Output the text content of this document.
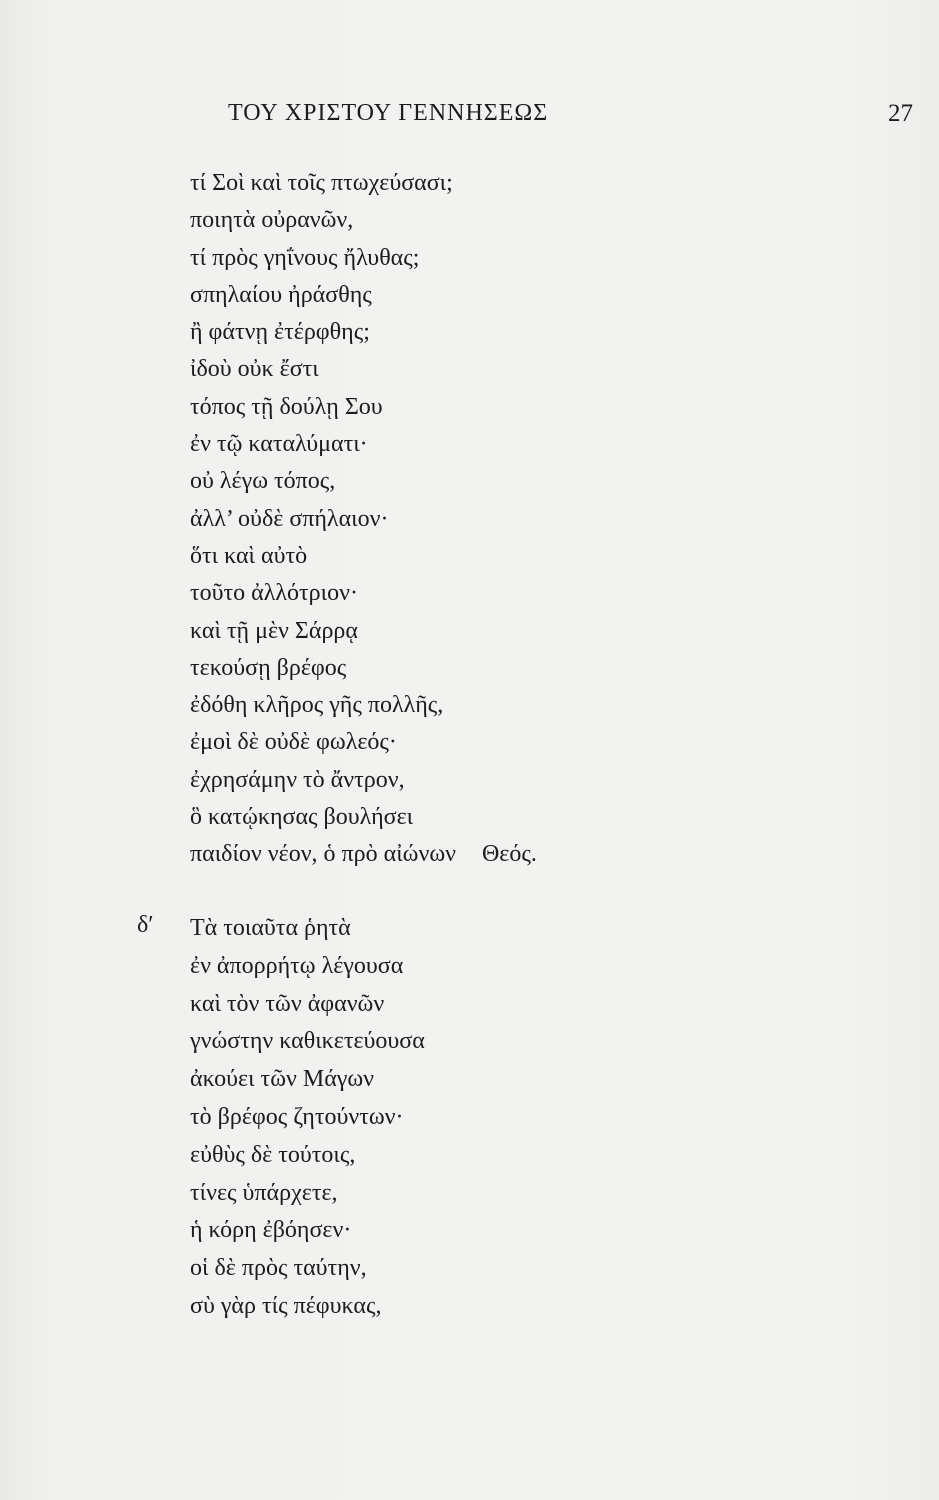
ΤΟΥ ΧΡΙΣΤΟΥ ΓΕΝΝΗΣΕΩΣ	27
τί Σοὶ καὶ τοῖς πτωχεύσασι;
ποιητὰ οὐρανῶν,
τί πρὸς γηΐνους ἤλυθας;
σπηλαίου ἠράσθης
ἢ φάτνῃ ἐτέρφθης;
ἰδοὺ οὐκ ἔστι
τόπος τῇ δούλῃ Σου
ἐν τῷ καταλύματι·
οὐ λέγω τόπος,
ἀλλ’ οὐδὲ σπήλαιον·
ὅτι καὶ αὐτὸ
τοῦτο ἀλλότριον·
καὶ τῇ μὲν Σάρρᾳ
τεκούσῃ βρέφος
ἐδόθη κλῆρος γῆς πολλῆς,
ἐμοὶ δὲ οὐδὲ φωλεός·
ἐχρησάμην τὸ ἄντρον,
ὃ κατῴκησας βουλήσει
παιδίον νέον, ὁ πρὸ αἰώνων Θεός.
δ′ Τὰ τοιαῦτα ῥητὰ
ἐν ἀπορρήτῳ λέγουσα
καὶ τὸν τῶν ἀφανῶν
γνώστην καθικετεύουσα
ἀκούει τῶν Μάγων
τὸ βρέφος ζητούντων·
εὐθὺς δὲ τούτοις,
τίνες ὑπάρχετε,
ἡ κόρη ἐβόησεν·
οἱ δὲ πρὸς ταύτην,
σὺ γὰρ τίς πέφυκας,
